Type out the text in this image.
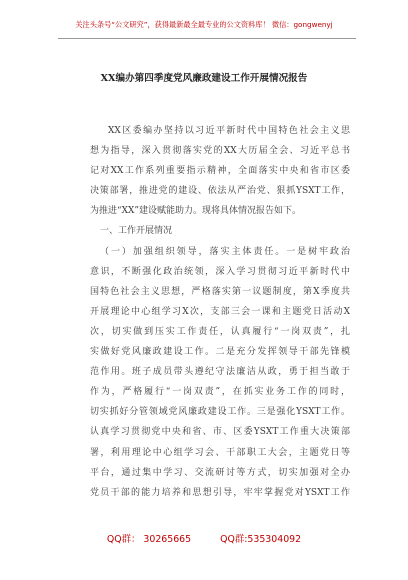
关注头条号“公文研究”，获得最新最全最专业的公文资料库！ 微信：gongwenyj
XX编办第四季度党风廉政建设工作开展情况报告
XX区委编办坚持以习近平新时代中国特色社会主义思
想为指导，深入贯彻落实党的XX大历届全会、习近平总书
记对XX工作系列重要指示精神，全面落实中央和省市区委
决策部署，推进党的建设、依法从严治党、狠抓YSXT工作，
为推进“XX”建设赋能助力。现将具体情况报告如下。
一、工作开展情况
（一）加强组织领导，落实主体责任。一是树牢政治
意识，不断强化政治统领，深入学习贯彻习近平新时代中
国特色社会主义思想，严格落实第一议题制度，第X季度共
开展理论中心组学习X次，支部三会一课和主题党日活动X
次，切实做到压实工作责任，认真履行“一岗双责”，扎
实做好党风廉政建设工作。二是充分发挥领导干部先锋模
范作用。班子成员带头遵纪守法廉洁从政，勇于担当敢于
作为，严格履行“一岗双责”，在抓实业务工作的同时，
切实抓好分管领域党风廉政建设工作。三是强化YSXT工作。
认真学习贯彻党中央和省、市、区委YSXT工作重大决策部
署，利用理论中心组学习会、干部职工大会，主题党日等
平台，通过集中学习、交流研讨等方式，切实加强对全办
党员干部的能力培养和思想引导，牢牢掌握党对YSXT工作
QQ群： 30265665	QQ群:535304092
